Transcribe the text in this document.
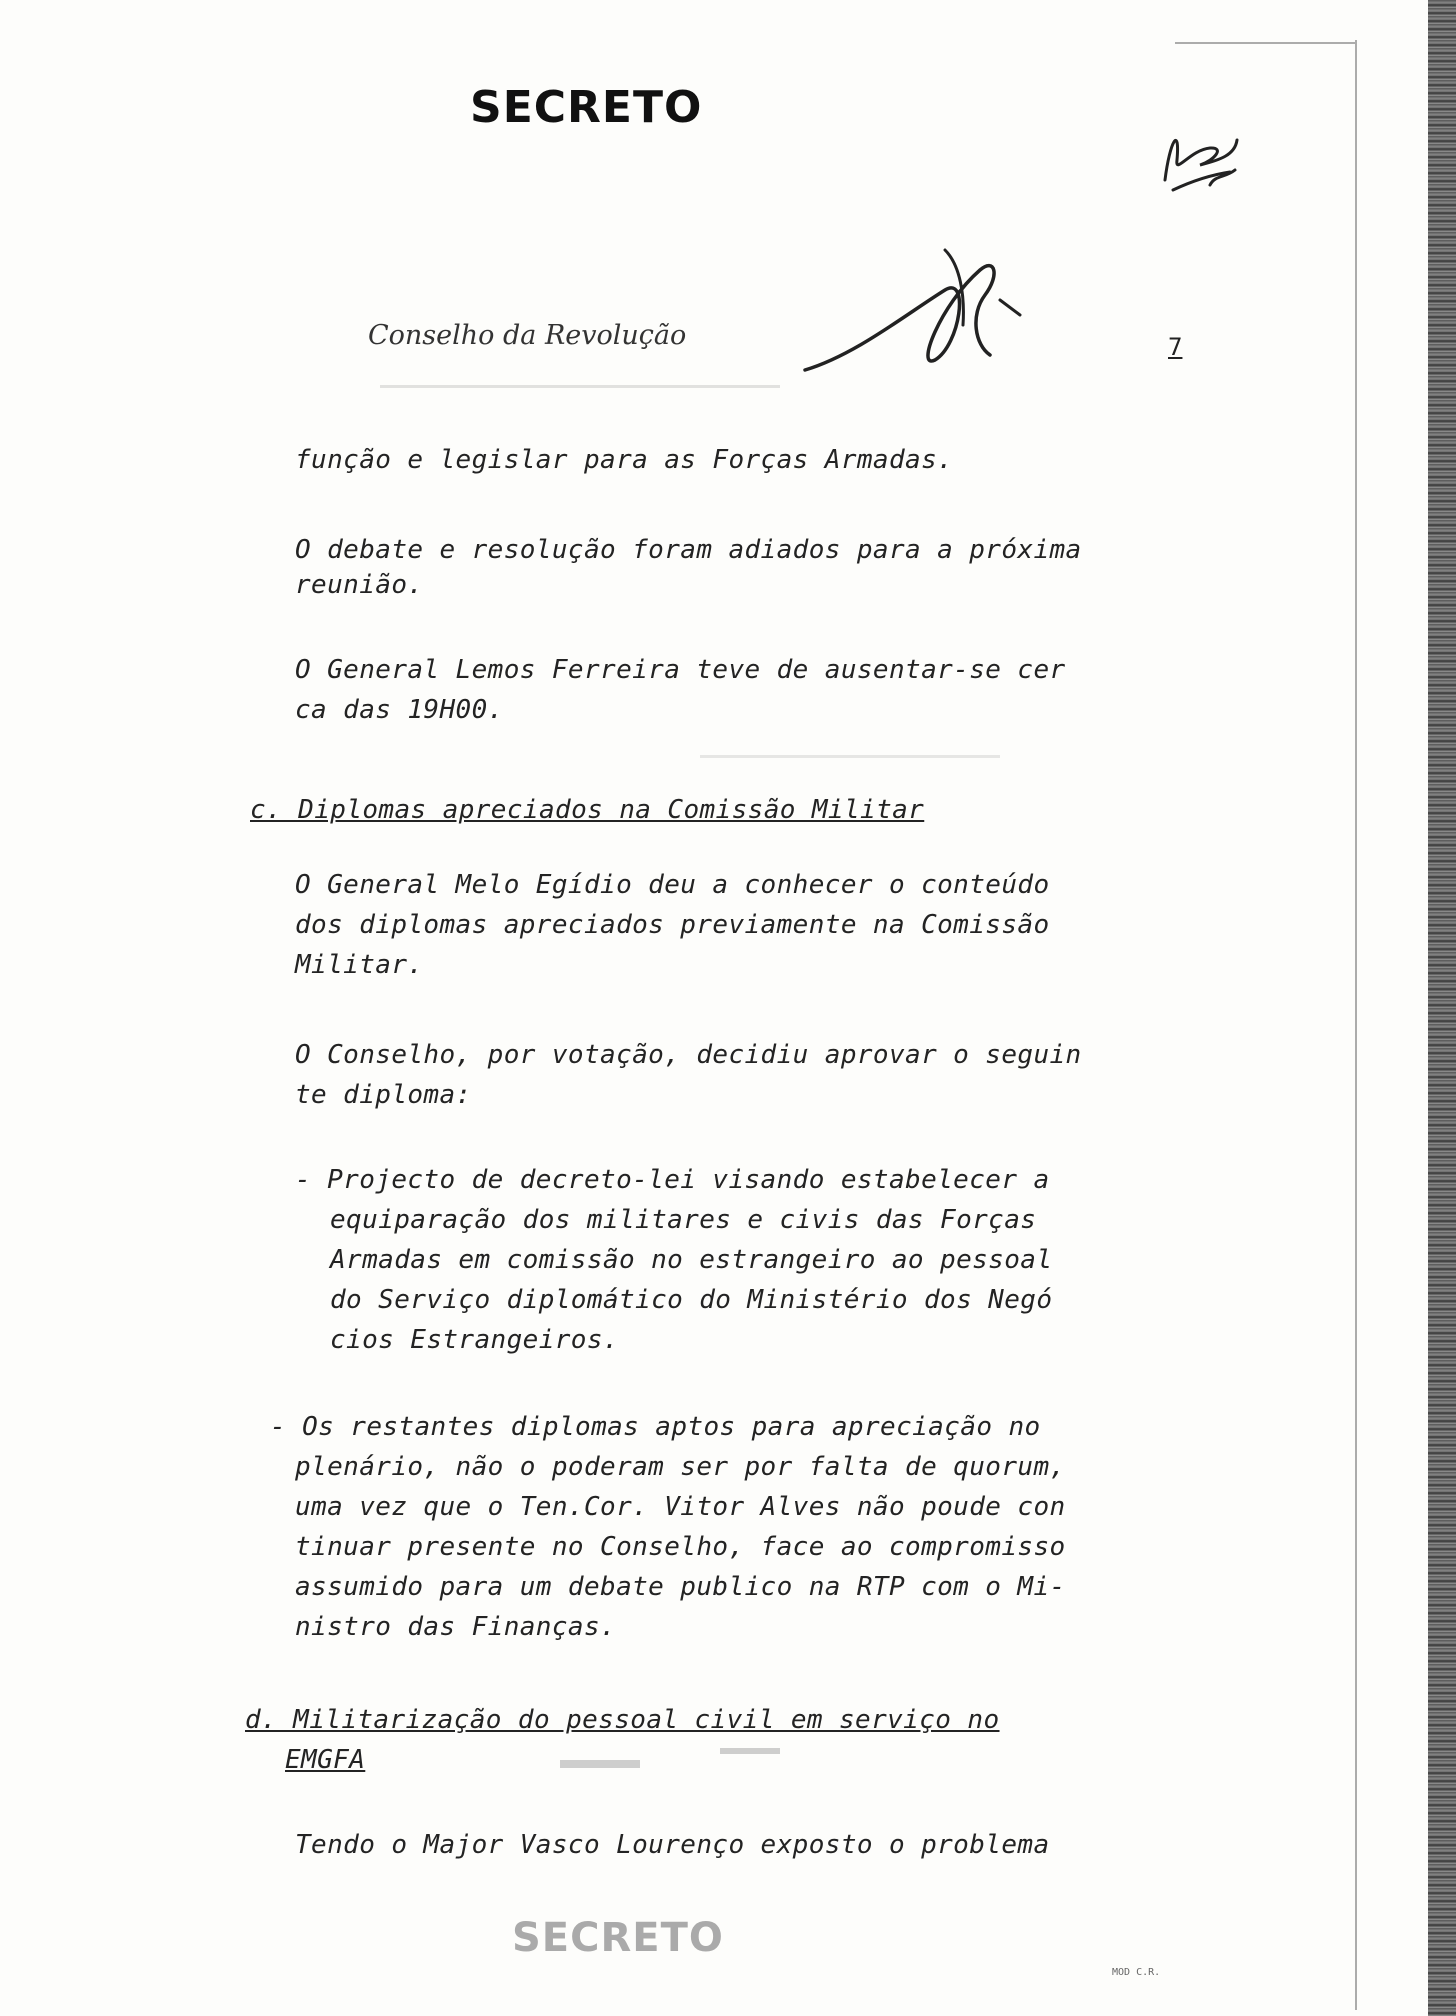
SECRETO
Conselho da Revolução	7
função e legislar para as Forças Armadas.
O debate e resolução foram adiados para a próxima
reunião.
O General Lemos Ferreira teve de ausentar-se cer
ca das 19H00.
c. Diplomas apreciados na Comissão Militar
O General Melo Egídio deu a conhecer o conteúdo
dos diplomas apreciados previamente na Comissão
Militar.
O Conselho, por votação, decidiu aprovar o seguin
te diploma:
- Projecto de decreto-lei visando estabelecer a
equiparação dos militares e civis das Forças
Armadas em comissão no estrangeiro ao pessoal
do Serviço diplomático do Ministério dos Negó
cios Estrangeiros.
- Os restantes diplomas aptos para apreciação no
plenário, não o poderam ser por falta de quorum,
uma vez que o Ten.Cor. Vitor Alves não poude con
tinuar presente no Conselho, face ao compromisso
assumido para um debate publico na RTP com o Mi-
nistro das Finanças.
d. Militarização do pessoal civil em serviço no
EMGFA
Tendo o Major Vasco Lourenço exposto o problema
SECRETO
MOD C.R.
